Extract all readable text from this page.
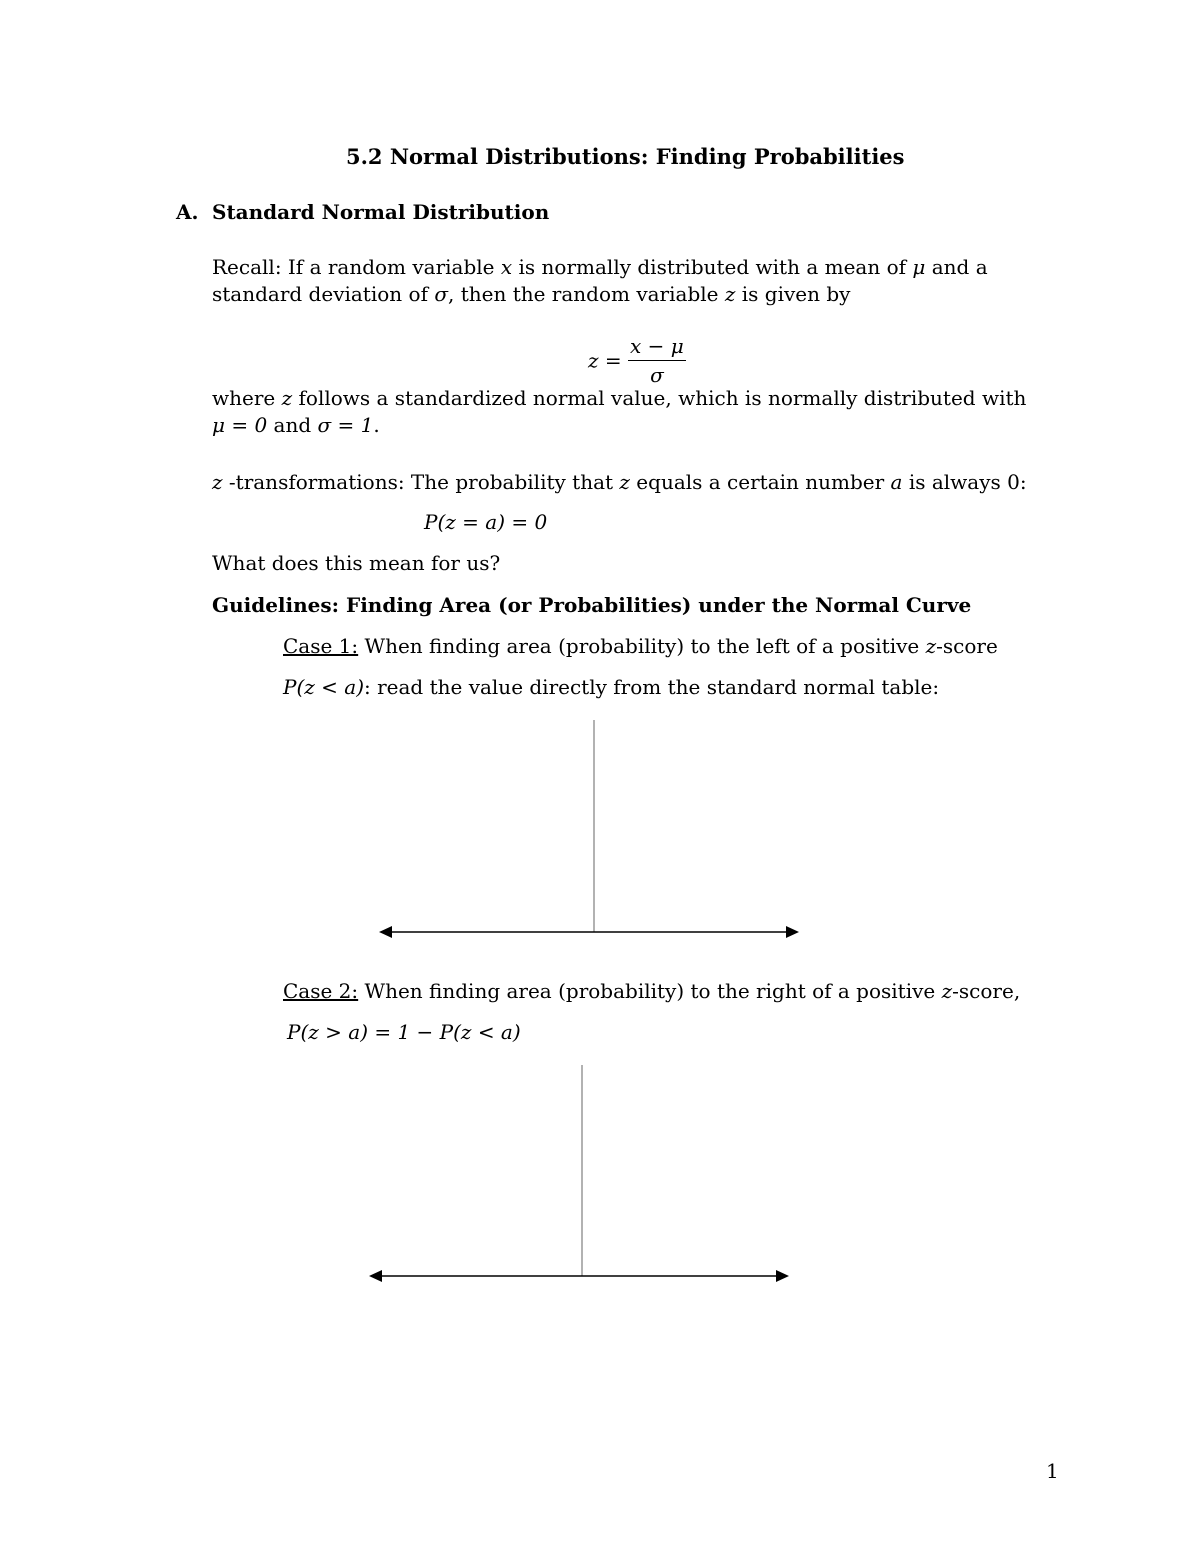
5.2 Normal Distributions: Finding Probabilities
A. Standard Normal Distribution
Recall: If a random variable x is normally distributed with a mean of μ and a
standard deviation of σ, then the random variable z is given by
$z = \frac{x - \mu}{\sigma}$
where z follows a standardized normal value, which is normally distributed with
μ = 0 and σ = 1.
z -transformations: The probability that z equals a certain number a is always 0:
P(z = a) = 0
What does this mean for us?
Guidelines: Finding Area (or Probabilities) under the Normal Curve
Case 1: When finding area (probability) to the left of a positive z-score
P(z < a): read the value directly from the standard normal table:
Case 2: When finding area (probability) to the right of a positive z-score,
P(z > a) = 1 − P(z < a)
1
